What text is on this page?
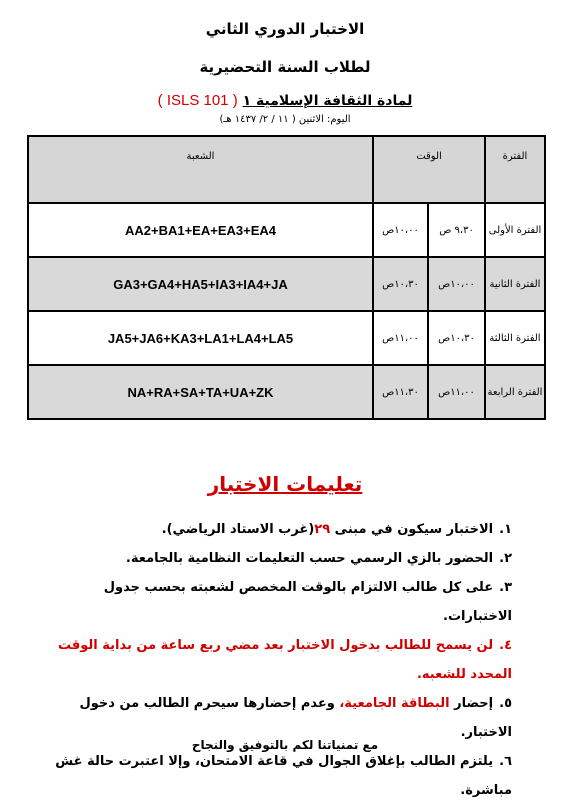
الاختبار الدوري الثاني
لطلاب السنة التحضيرية
لمادة الثقافة الإسلامية ١ ( ISLS 101 )
اليوم: الاثنين ( ١١ / ٢/ ١٤٣٧ هـ)
الفترة	الوقت		الشعبة
الفترة الأولى	٩،٣٠ ص	١٠،٠٠ص	AA2+BA1+EA+EA3+EA4
الفترة الثانية	١٠،٠٠ص	١٠،٣٠ص	GA3+GA4+HA5+IA3+IA4+JA
الفترة الثالثة	١٠،٣٠ص	١١،٠٠ص	JA5+JA6+KA3+LA1+LA4+LA5
الفترة الرابعة	١١،٠٠ص	١١،٣٠ص	NA+RA+SA+TA+UA+ZK
تعليمات الاختبار
١.الاختبار سيكون في مبنى ٢٩(غرب الاستاد الرياضي).
٢.الحضور بالزي الرسمي حسب التعليمات النظامية بالجامعة.
٣.على كل طالب الالتزام بالوقت المخصص لشعبته بحسب جدول الاختبارات.
٤.لن يسمح للطالب بدخول الاختبار بعد مضي ربع ساعة من بداية الوقت المحدد للشعبه.
٥.إحضار البطاقة الجامعية، وعدم إحضارها سيحرم الطالب من دخول الاختبار.
٦.يلتزم الطالب بإغلاق الجوال في قاعة الامتحان، وإلا اعتبرت حالة غش مباشرة.
مع تمنياتنا لكم بالتوفيق والنجاح
